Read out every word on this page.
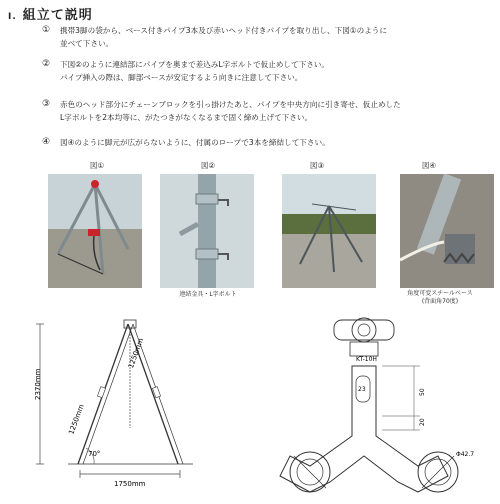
I. 組立て説明
① 携帯3脚の袋から、ベース付きパイプ3本及び赤いヘッド付きパイプを取り出し、下図①のように
並べて下さい。
② 下図②のように連結部にパイプを奥まで差込みL字ボルトで仮止めして下さい。
パイプ挿入の際は、脚部ベースが安定するよう向きに注意して下さい。
③ 赤色のヘッド部分にチェーンブロックを引っ掛けたあと、パイプを中央方向に引き寄せ、仮止めした
L字ボルトを2本均等に、がたつきがなくなるまで固く締め上げて下さい。
④ 図④のように脚元が広がらないように、付属のロープで3本を締結して下さい。
図①	図②	図③	図④
連結金具・L字ボルト	角度可変スチールベース
(背面角70度)
2370mm
1250mm
1250mm
70°
1750mm
KT-10H
23	50
20
Φ42.7
